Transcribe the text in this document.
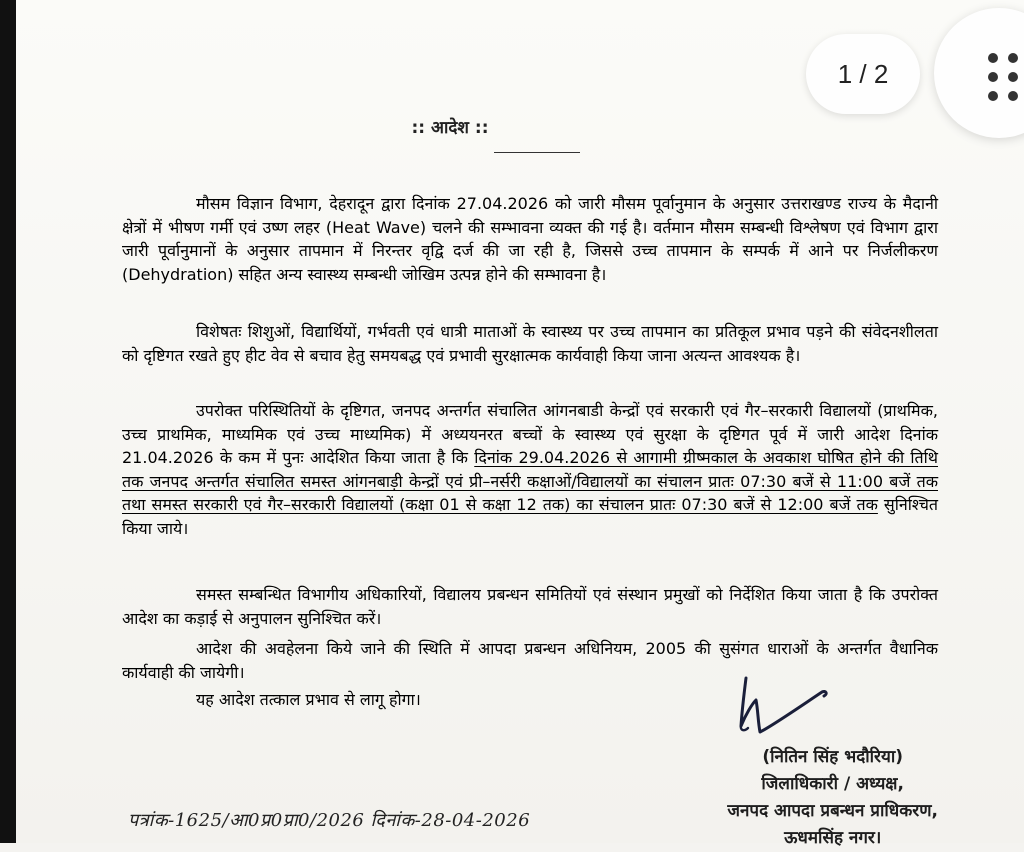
:: आदेश ::

मौसम विज्ञान विभाग, देहरादून द्वारा दिनांक 27.04.2026 को जारी मौसम पूर्वानुमान के अनुसार उत्तराखण्ड राज्य के मैदानी क्षेत्रों में भीषण गर्मी एवं उष्ण लहर (Heat Wave) चलने की सम्भावना व्यक्त की गई है। वर्तमान मौसम सम्बन्धी विश्लेषण एवं विभाग द्वारा जारी पूर्वानुमानों के अनुसार तापमान में निरन्तर वृद्वि दर्ज की जा रही है, जिससे उच्च तापमान के सम्पर्क में आने पर निर्जलीकरण (Dehydration) सहित अन्य स्वास्थ्य सम्बन्धी जोखिम उत्पन्न होने की सम्भावना है।

विशेषतः शिशुओं, विद्यार्थियों, गर्भवती एवं धात्री माताओं के स्वास्थ्य पर उच्च तापमान का प्रतिकूल प्रभाव पड़ने की संवेदनशीलता को दृष्टिगत रखते हुए हीट वेव से बचाव हेतु समयबद्ध एवं प्रभावी सुरक्षात्मक कार्यवाही किया जाना अत्यन्त आवश्यक है।

उपरोक्त परिस्थितियों के दृष्टिगत, जनपद अन्तर्गत संचालित आंगनबाडी केन्द्रों एवं सरकारी एवं गैर–सरकारी विद्यालयों (प्राथमिक, उच्च प्राथमिक, माध्यमिक एवं उच्च माध्यमिक) में अध्ययनरत बच्चों के स्वास्थ्य एवं सुरक्षा के दृष्टिगत पूर्व में जारी आदेश दिनांक 21.04.2026 के कम में पुनः आदेशित किया जाता है कि दिनांक 29.04.2026 से आगामी ग्रीष्मकाल के अवकाश घोषित होने की तिथि तक जनपद अन्तर्गत संचालित समस्त आंगनबाड़ी केन्द्रों एवं प्री–नर्सरी कक्षाओं/विद्यालयों का संचालन प्रातः 07:30 बजें से 11:00 बजें तक तथा समस्त सरकारी एवं गैर–सरकारी विद्यालयों (कक्षा 01 से कक्षा 12 तक) का संचालन प्रातः 07:30 बजें से 12:00 बजें तक सुनिश्चित किया जाये।

समस्त सम्बन्धित विभागीय अधिकारियों, विद्यालय प्रबन्धन समितियों एवं संस्थान प्रमुखों को निर्देशित किया जाता है कि उपरोक्त आदेश का कड़ाई से अनुपालन सुनिश्चित करें।

आदेश की अवहेलना किये जाने की स्थिति में आपदा प्रबन्धन अधिनियम, 2005 की सुसंगत धाराओं के अन्तर्गत वैधानिक कार्यवाही की जायेगी।

यह आदेश तत्काल प्रभाव से लागू होगा।

(नितिन सिंह भदौरिया)
जिलाधिकारी / अध्यक्ष,
जनपद आपदा प्रबन्धन प्राधिकरण,
ऊधमसिंह नगर।
पत्रांक-1625/आ0प्र0प्रा0/2026 दिनांक-28-04-2026
1 / 2
